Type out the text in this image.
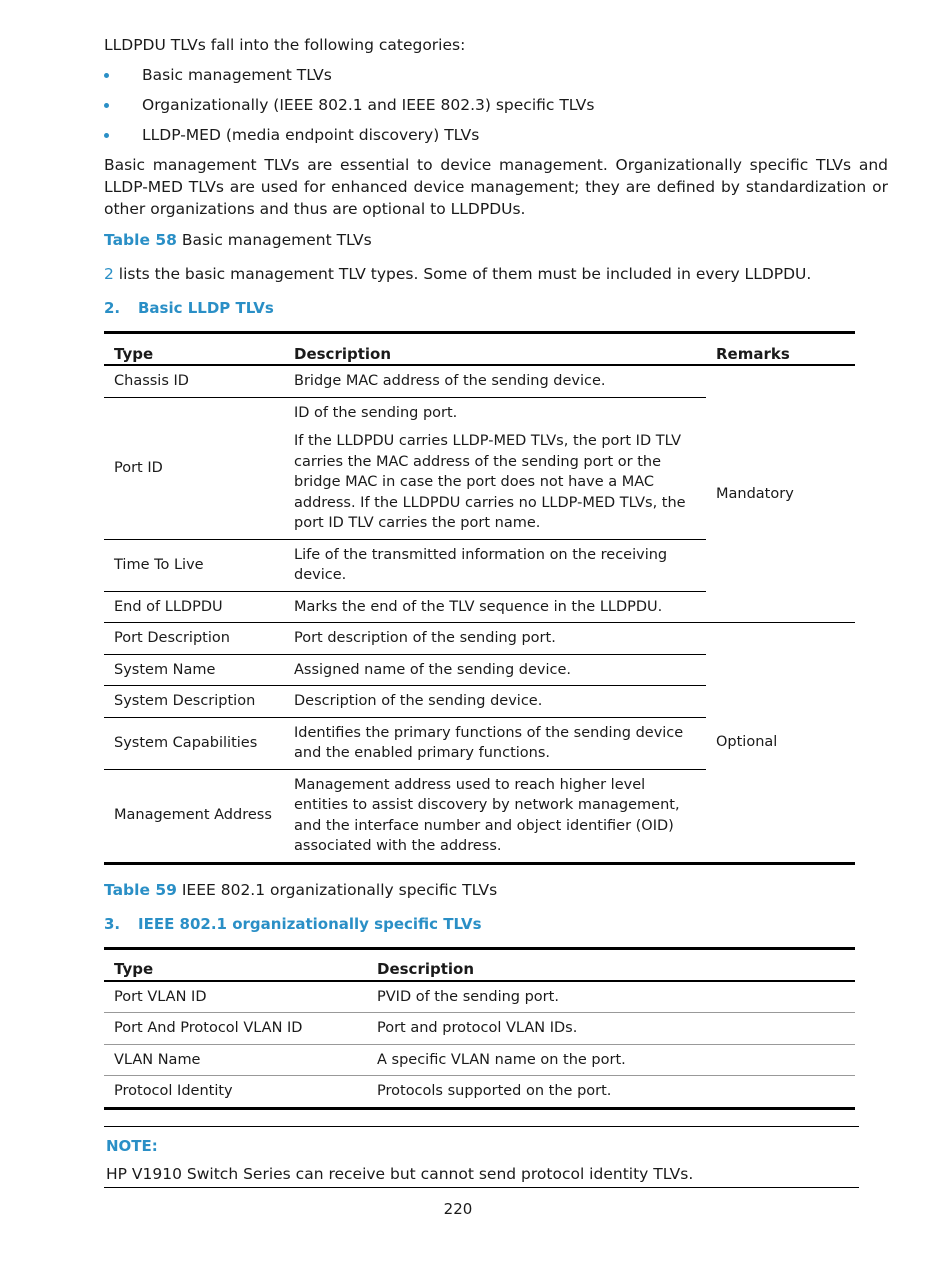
LLDPDU TLVs fall into the following categories:

Basic management TLVs
Organizationally (IEEE 802.1 and IEEE 802.3) specific TLVs
LLDP-MED (media endpoint discovery) TLVs

Basic management TLVs are essential to device management. Organizationally specific TLVs and LLDP-MED TLVs are used for enhanced device management; they are defined by standardization or other organizations and thus are optional to LLDPDUs.

Table 58 Basic management TLVs

2 lists the basic management TLV types. Some of them must be included in every LLDPDU.

2. Basic LLDP TLVs

Type	Description	Remarks
Chassis ID	Bridge MAC address of the sending device.	Mandatory
Port ID	ID of the sending port.

If the LLDPDU carries LLDP-MED TLVs, the port ID TLV carries the MAC address of the sending port or the bridge MAC in case the port does not have a MAC address. If the LLDPDU carries no LLDP-MED TLVs, the port ID TLV carries the port name.	

Time To Live	Life of the transmitted information on the receiving device.	

End of LLDPDU	Marks the end of the TLV sequence in the LLDPDU.	

Port Description	Port description of the sending port.	Optional
System Name	Assigned name of the sending device.	

System Description	Description of the sending device.	

System Capabilities	Identifies the primary functions of the sending device and the enabled primary functions.	

Management Address	Management address used to reach higher level entities to assist discovery by network management, and the interface number and object identifier (OID) associated with the address.	

Table 59 IEEE 802.1 organizationally specific TLVs

3. IEEE 802.1 organizationally specific TLVs

Type	Description
Port VLAN ID	PVID of the sending port.
Port And Protocol VLAN ID	Port and protocol VLAN IDs.
VLAN Name	A specific VLAN name on the port.
Protocol Identity	Protocols supported on the port.
NOTE:
HP V1910 Switch Series can receive but cannot send protocol identity TLVs.
220
